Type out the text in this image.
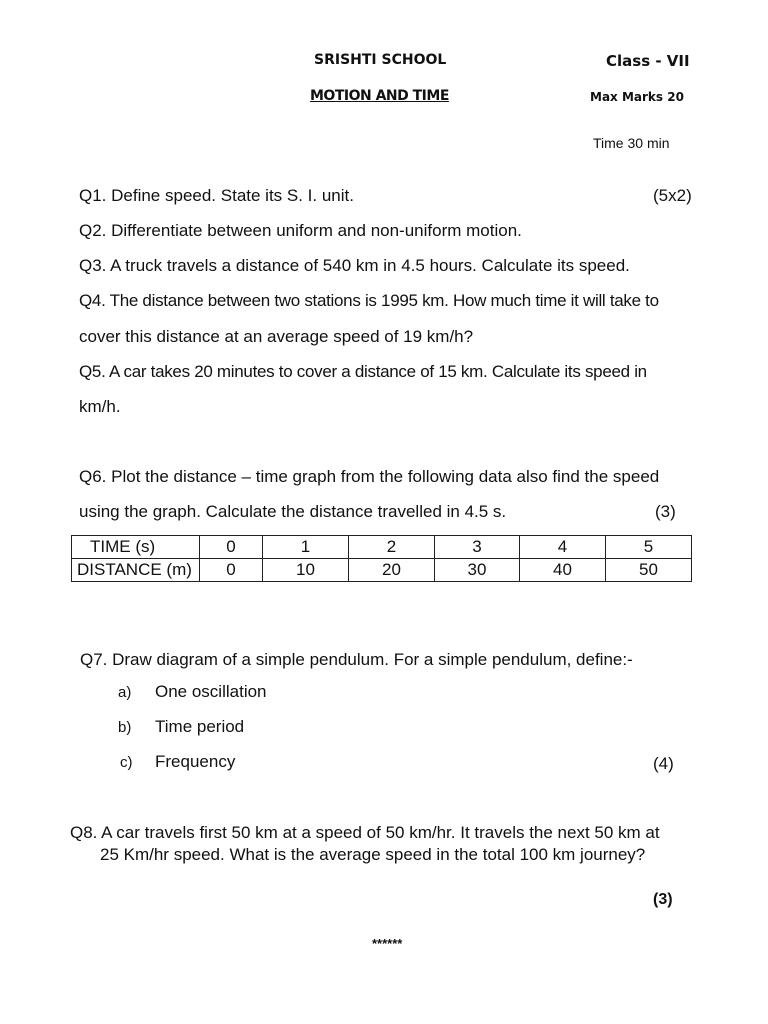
SRISHTI SCHOOL	Class - VII
MOTION AND TIME	Max Marks 20
Time 30 min
Q1. Define speed. State its S. I. unit.	(5x2)
Q2. Differentiate between uniform and non-uniform motion.
Q3. A truck travels a distance of 540 km in 4.5 hours. Calculate its speed.
Q4. The distance between two stations is 1995 km. How much time it will take to
cover this distance at an average speed of 19 km/h?
Q5. A car takes 20 minutes to cover a distance of 15 km. Calculate its speed in
km/h.
Q6. Plot the distance – time graph from the following data also find the speed
using the graph. Calculate the distance travelled in 4.5 s.	(3)
TIME (s)	0	1	2	3	4	5
DISTANCE (m)	0	10	20	30	40	50
Q7. Draw diagram of a simple pendulum. For a simple pendulum, define:-
a) One oscillation
b) Time period
c) Frequency	(4)
Q8. A car travels first 50 km at a speed of 50 km/hr. It travels the next 50 km at
25 Km/hr speed. What is the average speed in the total 100 km journey?
(3)
******
